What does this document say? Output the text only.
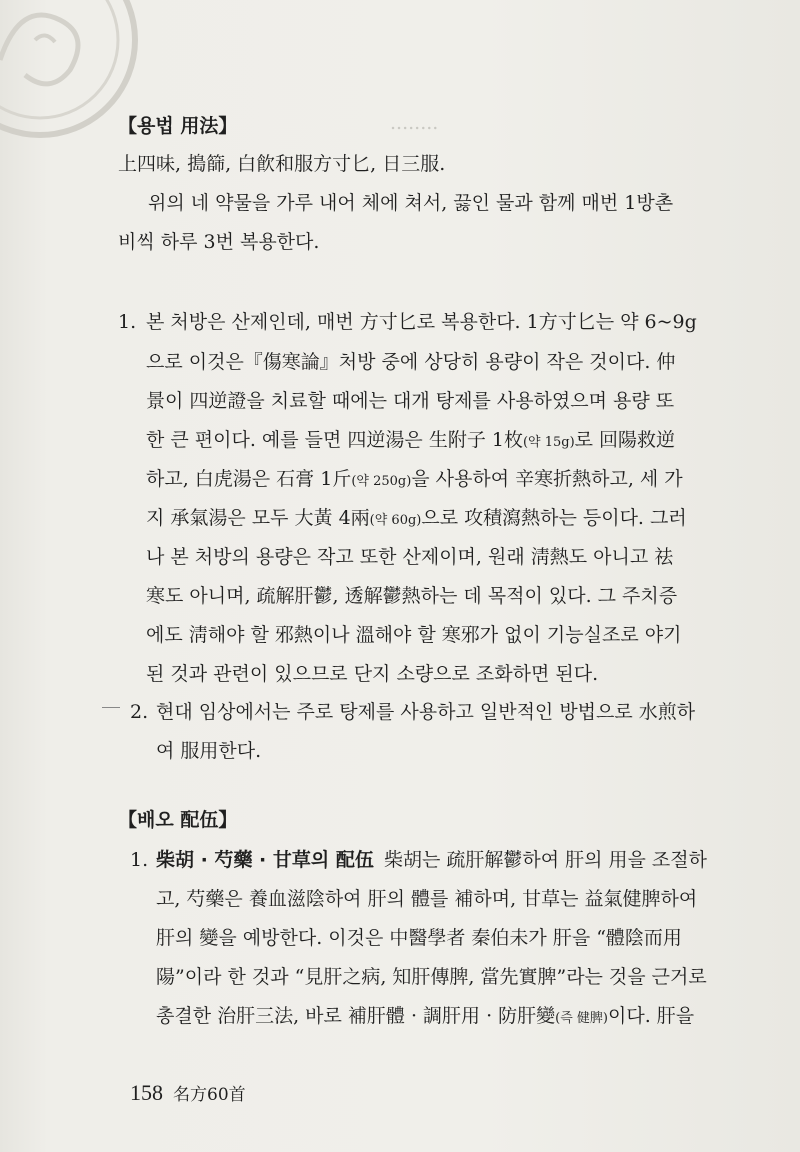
........
【용법 用法】
上四味, 搗篩, 白飮和服方寸匕, 日三服.
위의 네 약물을 가루 내어 체에 쳐서, 끓인 물과 함께 매번 1방촌
비씩 하루 3번 복용한다.
1. 본 처방은 산제인데, 매번 方寸匕로 복용한다. 1方寸匕는 약 6~9g
으로 이것은『傷寒論』처방 중에 상당히 용량이 작은 것이다. 仲
景이 四逆證을 치료할 때에는 대개 탕제를 사용하였으며 용량 또
한 큰 편이다. 예를 들면 四逆湯은 生附子 1枚(약 15g)로 回陽救逆
하고, 白虎湯은 石膏 1斤(약 250g)을 사용하여 辛寒折熱하고, 세 가
지 承氣湯은 모두 大黃 4兩(약 60g)으로 攻積瀉熱하는 등이다. 그러
나 본 처방의 용량은 작고 또한 산제이며, 원래 淸熱도 아니고 祛
寒도 아니며, 疏解肝鬱, 透解鬱熱하는 데 목적이 있다. 그 주치증
에도 淸해야 할 邪熱이나 溫해야 할 寒邪가 없이 기능실조로 야기
된 것과 관련이 있으므로 단지 소량으로 조화하면 된다.
2. 현대 임상에서는 주로 탕제를 사용하고 일반적인 방법으로 水煎하
여 服用한다.
【배오 配伍】
1. 柴胡 · 芍藥 · 甘草의 配伍 柴胡는 疏肝解鬱하여 肝의 用을 조절하
고, 芍藥은 養血滋陰하여 肝의 體를 補하며, 甘草는 益氣健脾하여
肝의 變을 예방한다. 이것은 中醫學者 秦伯未가 肝을 “體陰而用
陽”이라 한 것과 “見肝之病, 知肝傳脾, 當先實脾”라는 것을 근거로
총결한 治肝三法, 바로 補肝體 · 調肝用 · 防肝變(즉 健脾)이다. 肝을
158 名方60首
